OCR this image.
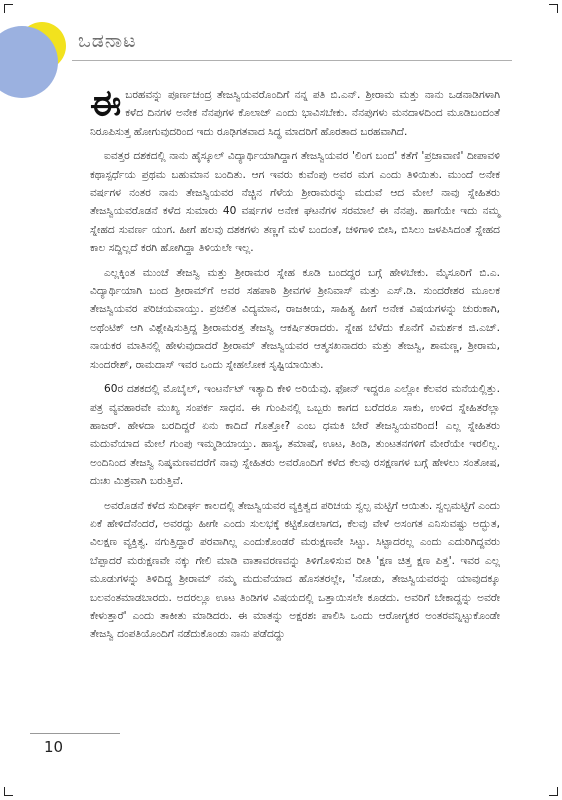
ಒಡನಾಟ

ಈ ಬರಹವನ್ನು ಪೂರ್ಣಚಂದ್ರ ತೇಜಸ್ವಿಯವರೊಂದಿಗೆ ನನ್ನ ಪತಿ ಬಿ.ಎನ್. ಶ್ರೀರಾಮ ಮತ್ತು ನಾನು ಒಡನಾಡಿಗಳಾಗಿ ಕಳೆದ ದಿನಗಳ ಅನೇಕ ನೆನಪುಗಳ ಕೊಲಾಜ್ ಎಂದು ಭಾವಿಸಬೇಕು. ನೆನಪುಗಳು ಮನದಾಳದಿಂದ ಮೂಡಿಬಂದಂತೆ ನಿರೂಪಿಸುತ್ತ ಹೋಗುವುದರಿಂದ ಇದು ರೂಢಿಗತವಾದ ಸಿದ್ಧ ಮಾದರಿಗೆ ಹೊರತಾದ ಬರಹವಾಗಿದೆ.

ಐವತ್ತರ ದಶಕದಲ್ಲಿ ನಾನು ಹೈಸ್ಕೂಲ್ ವಿದ್ಯಾರ್ಥಿಯಾಗಿದ್ದಾಗ ತೇಜಸ್ವಿಯವರ 'ಲಿಂಗ ಬಂದ' ಕತೆಗೆ 'ಪ್ರಜಾವಾಣಿ' ದೀಪಾವಳಿ ಕಥಾಸ್ಪರ್ಧೆಯ ಪ್ರಥಮ ಬಹುಮಾನ ಬಂದಿತು. ಆಗ ಇವರು ಕುವೆಂಪು ಅವರ ಮಗ ಎಂದು ತಿಳಿಯಿತು. ಮುಂದೆ ಅನೇಕ ವರ್ಷಗಳ ನಂತರ ನಾನು ತೇಜಸ್ವಿಯವರ ನೆಚ್ಚಿನ ಗೆಳೆಯ ಶ್ರೀರಾಮರನ್ನು ಮದುವೆ ಆದ ಮೇಲೆ ನಾವು ಸ್ನೇಹಿತರು ತೇಜಸ್ವಿಯವರೊಡನೆ ಕಳೆದ ಸುಮಾರು 40 ವರ್ಷಗಳ ಅನೇಕ ಘಟನೆಗಳ ಸರಮಾಲೆ ಈ ನೆನಪು. ಹಾಗೆಯೇ ಇದು ನಮ್ಮ ಸ್ನೇಹದ ಸುವರ್ಣ ಯುಗ. ಹೀಗೆ ಹಲವು ದಶಕಗಳು ತಣ್ಣಗೆ ಮಳೆ ಬಂದಂತೆ, ಚಳಿಗಾಳಿ ಬೀಸಿ, ಬಿಸಿಲು ಜಳಪಿಸಿದಂತೆ ಸ್ನೇಹದ ಕಾಲ ಸದ್ದಿಲ್ಲದೆ ಕರಗಿ ಹೋಗಿದ್ದಾ ತಿಳಿಯಲೇ ಇಲ್ಲ.

ಎಲ್ಲಕ್ಕಿಂತ ಮುಂಚೆ ತೇಜಸ್ವಿ ಮತ್ತು ಶ್ರೀರಾಮರ ಸ್ನೇಹ ಕೂಡಿ ಬಂದದ್ದರ ಬಗ್ಗೆ ಹೇಳಬೇಕು. ಮೈಸೂರಿಗೆ ಬಿ.ಎ. ವಿದ್ಯಾರ್ಥಿಯಾಗಿ ಬಂದ ಶ್ರೀರಾಮ್‌ಗೆ ಅವರ ಸಹಪಾಠಿ ಶ್ರೀವಗಳ ಶ್ರೀನಿವಾಸ್ ಮತ್ತು ಎಸ್.ಡಿ. ಸುಂದರೇಶರ ಮೂಲಕ ತೇಜಸ್ವಿಯವರ ಪರಿಚಯವಾಯ್ತು. ಪ್ರಚಲಿತ ವಿದ್ಯಮಾನ, ರಾಜಕೀಯ, ಸಾಹಿತ್ಯ ಹೀಗೆ ಅನೇಕ ವಿಷಯಗಳನ್ನು ಚುರುಕಾಗಿ, ಅಥೆಂಟಿಕ್ ಆಗಿ ವಿಶ್ಲೇಷಿಸುತ್ತಿದ್ದ ಶ್ರೀರಾಮರತ್ತ ತೇಜಸ್ವಿ ಆಕರ್ಷಿತರಾದರು. ಸ್ನೇಹ ಬೆಳೆದು ಕೊನೆಗೆ ವಿಮರ್ಶಕ ಜಿ.ಎಚ್. ನಾಯಕರ ಮಾತಿನಲ್ಲಿ ಹೇಳುವುದಾದರೆ ಶ್ರೀರಾಮ್ ತೇಜಸ್ವಿಯವರ ಆತ್ಮಸಖನಾದರು ಮತ್ತು ತೇಜಸ್ವಿ, ಶಾಮಣ್ಣ, ಶ್ರೀರಾಮ, ಸುಂದರೇಶ್, ರಾಮದಾಸ್ ಇವರ ಒಂದು ಸ್ನೇಹಲೋಕ ಸೃಷ್ಟಿಯಾಯಿತು.

60ರ ದಶಕದಲ್ಲಿ ಮೊಬೈಲ್, ಇಂಟರ್ನೆಟ್ ಇತ್ಯಾದಿ ಕೇಳಿ ಅರಿಯೆವು. ಫೋನ್ ಇದ್ದರೂ ಎಲ್ಲೋ ಕೆಲವರ ಮನೆಯಲ್ಲಿತ್ತು. ಪತ್ರ ವ್ಯವಹಾರವೇ ಮುಖ್ಯ ಸಂಪರ್ಕ ಸಾಧನ. ಈ ಗುಂಪಿನಲ್ಲಿ ಒಬ್ಬರು ಕಾಗದ ಬರೆದರೂ ಸಾಕು, ಉಳಿದ ಸ್ನೇಹಿತರೆಲ್ಲಾ ಹಾಜರ್. ಹೇಳದಾ ಬರದಿದ್ದರೆ ಏನು ಕಾದಿದೆ ಗೊತ್ತೋ? ಎಂಬ ಧಮಕಿ ಬೇರೆ ತೇಜಸ್ವಿಯವರಿಂದ! ಎಲ್ಲ ಸ್ನೇಹಿತರು ಮದುವೆಯಾದ ಮೇಲೆ ಗುಂಪು ಇಮ್ಮಡಿಯಾಯ್ತು. ಹಾಸ್ಯ, ತಮಾಷೆ, ಊಟ, ತಿಂಡಿ, ತುಂಟತನಗಳಿಗೆ ಮೇರೆಯೇ ಇರಲಿಲ್ಲ. ಅಂದಿನಿಂದ ತೇಜಸ್ವಿ ನಿಷ್ಕಮಣವದರೆಗೆ ನಾವು ಸ್ನೇಹಿತರು ಅವರೊಂದಿಗೆ ಕಳೆದ ಕೆಲವು ರಸಕ್ಷಣಗಳ ಬಗ್ಗೆ ಹೇಳಲು ಸಂತೋಷ, ದುಃಖ ಮಿಶ್ರವಾಗಿ ಬರುತ್ತಿವೆ.

ಅವರೊಡನೆ ಕಳೆದ ಸುದೀರ್ಘ ಕಾಲದಲ್ಲಿ ತೇಜಸ್ವಿಯವರ ವ್ಯಕ್ತಿತ್ವದ ಪರಿಚಯ ಸ್ವಲ್ಪ ಮಟ್ಟಿಗೆ ಆಯಿತು. ಸ್ವಲ್ಪಮಟ್ಟಿಗೆ ಎಂದು ಏಕೆ ಹೇಳಿದೆನೆಂದರೆ, ಅವರದ್ದು ಹೀಗೇ ಎಂದು ಸುಲಭಕ್ಕೆ ಕಟ್ಟಿಕೊಡಲಾಗದ, ಕೆಲವು ವೇಳೆ ಅಸಂಗತ ಎನಿಸುವಷ್ಟು ಅದ್ಭುತ, ವಿಲಕ್ಷಣ ವ್ಯಕ್ತಿತ್ವ. ನಗುತ್ತಿದ್ದಾರೆ ಪರವಾಗಿಲ್ಲ ಎಂದುಕೊಂಡರೆ ಮರುಕ್ಷಣವೇ ಸಿಟ್ಟು. ಸಿಟ್ಟಾದರಲ್ಲ ಎಂದು ಎದುರಿಗಿದ್ದವರು ಬೆಪ್ಪಾದರೆ ಮರುಕ್ಷಣವೇ ನಕ್ಕು ಗೇಲಿ ಮಾಡಿ ವಾತಾವರಣವನ್ನು ತಿಳಿಗೊಳಿಸುವ ರೀತಿ 'ಕ್ಷಣ ಚಿತ್ತ ಕ್ಷಣ ಪಿತ್ತ'. ಇವರ ಎಲ್ಲ ಮೂಡುಗಳನ್ನು ತಿಳಿದಿದ್ದ ಶ್ರೀರಾಮ್ ನಮ್ಮ ಮದುವೆಯಾದ ಹೊಸತರಲ್ಲೇ, 'ನೋಡು, ತೇಜಸ್ವಿಯವರನ್ನು ಯಾವುದಕ್ಕೂ ಬಲವಂತಮಾಡಬಾರದು. ಅದರಲ್ಲೂ ಊಟ ತಿಂಡಿಗಳ ವಿಷಯದಲ್ಲಿ ಒತ್ತಾಯಿಸಲೇ ಕೂಡದು. ಅವರಿಗೆ ಬೇಕಾದ್ದನ್ನು ಅವರೇ ಕೇಳುತ್ತಾರೆ' ಎಂದು ತಾಕೀತು ಮಾಡಿದರು. ಈ ಮಾತನ್ನು ಅಕ್ಷರಶಃ ಪಾಲಿಸಿ ಒಂದು ಆರೋಗ್ಯಕರ ಅಂತರವನ್ನಿಟ್ಟುಕೊಂಡೇ ತೇಜಸ್ವಿ ದಂಪತಿಯೊಂದಿಗೆ ನಡೆದುಕೊಂಡು ನಾನು ಪಡೆದದ್ದು

10
